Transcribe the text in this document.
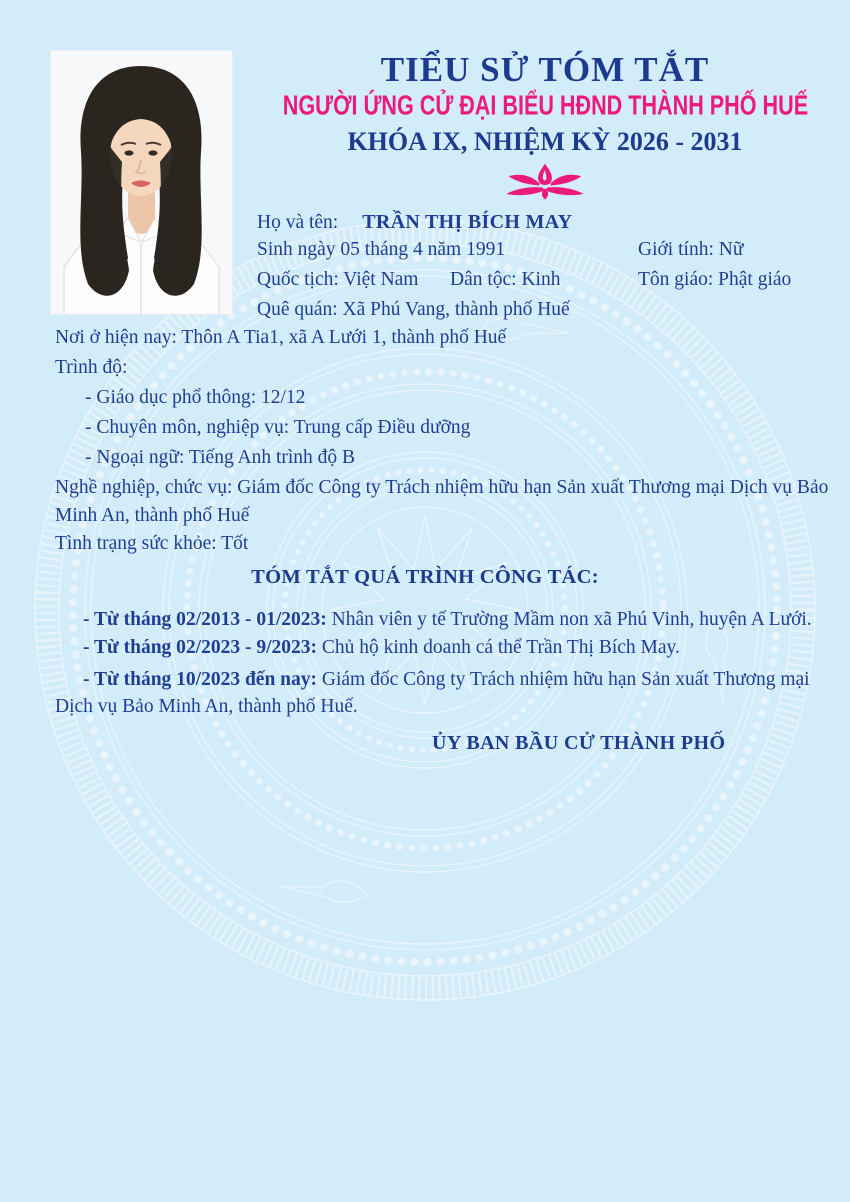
TIỂU SỬ TÓM TẮT
NGƯỜI ỨNG CỬ ĐẠI BIỂU HĐND THÀNH PHỐ HUẾ
KHÓA IX, NHIỆM KỲ 2026 - 2031
Họ và tên: TRẦN THỊ BÍCH MAY
Sinh ngày 05 tháng 4 năm 1991	Giới tính: Nữ
Quốc tịch: Việt Nam Dân tộc: Kinh	Tôn giáo: Phật giáo
Quê quán: Xã Phú Vang, thành phố Huế
Nơi ở hiện nay: Thôn A Tia1, xã A Lưới 1, thành phố Huế
Trình độ:
- Giáo dục phổ thông: 12/12
- Chuyên môn, nghiệp vụ: Trung cấp Điều dưỡng
- Ngoại ngữ: Tiếng Anh trình độ B
Nghề nghiệp, chức vụ: Giám đốc Công ty Trách nhiệm hữu hạn Sản xuất Thương mại Dịch vụ Bảo Minh An, thành phố Huế
Tình trạng sức khỏe: Tốt
TÓM TẮT QUÁ TRÌNH CÔNG TÁC:
- Từ tháng 02/2013 - 01/2023: Nhân viên y tế Trường Mầm non xã Phú Vinh, huyện A Lưới.
- Từ tháng 02/2023 - 9/2023: Chủ hộ kinh doanh cá thể Trần Thị Bích May.
- Từ tháng 10/2023 đến nay: Giám đốc Công ty Trách nhiệm hữu hạn Sản xuất Thương mại Dịch vụ Bảo Minh An, thành phố Huế.
ỦY BAN BẦU CỬ THÀNH PHỐ
